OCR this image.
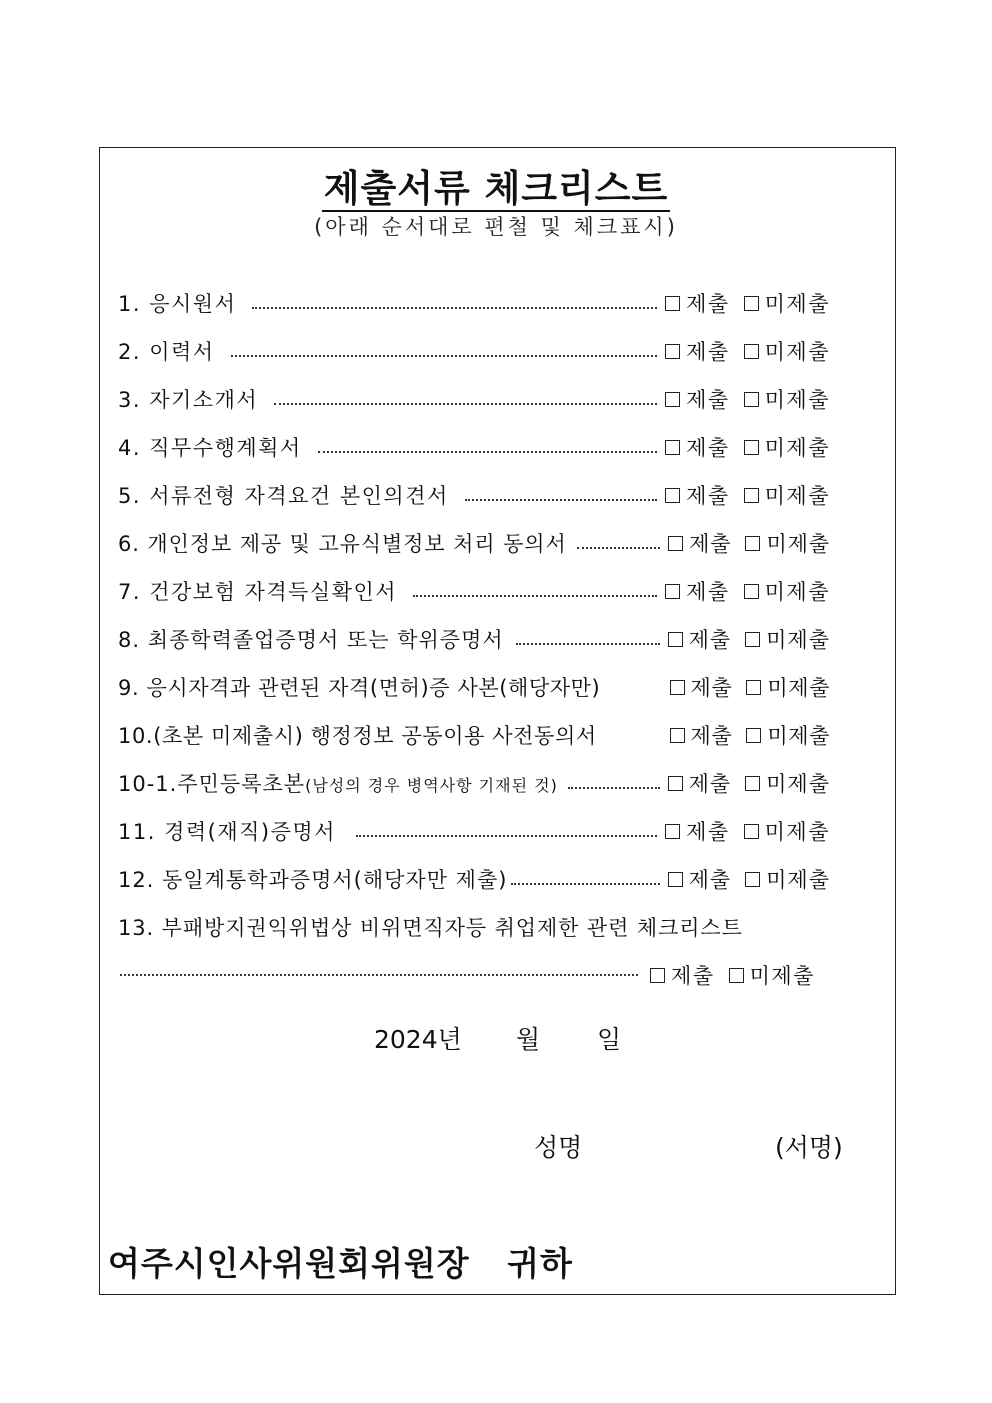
제출서류 체크리스트
(아래 순서대로 편철 및 체크표시)
1. 응시원서	제출 미제출
2. 이력서	제출 미제출
3. 자기소개서	제출 미제출
4. 직무수행계획서	제출 미제출
5. 서류전형 자격요건 본인의견서	제출 미제출
6. 개인정보 제공 및 고유식별정보 처리 동의서	제출 미제출
7. 건강보험 자격득실확인서	제출 미제출
8. 최종학력졸업증명서 또는 학위증명서	제출 미제출
9. 응시자격과 관련된 자격(면허)증 사본(해당자만)	제출 미제출
10.(초본 미제출시) 행정정보 공동이용 사전동의서	제출 미제출
10-1.주민등록초본(남성의 경우 병역사항 기재된 것)	제출 미제출
11. 경력(재직)증명서	제출 미제출
12. 동일계통학과증명서(해당자만 제출)	제출 미제출
13. 부패방지권익위법상 비위면직자등 취업제한 관련 체크리스트
제출 미제출
2024년 월 일
성명	(서명)
여주시인사위원회위원장   귀하
